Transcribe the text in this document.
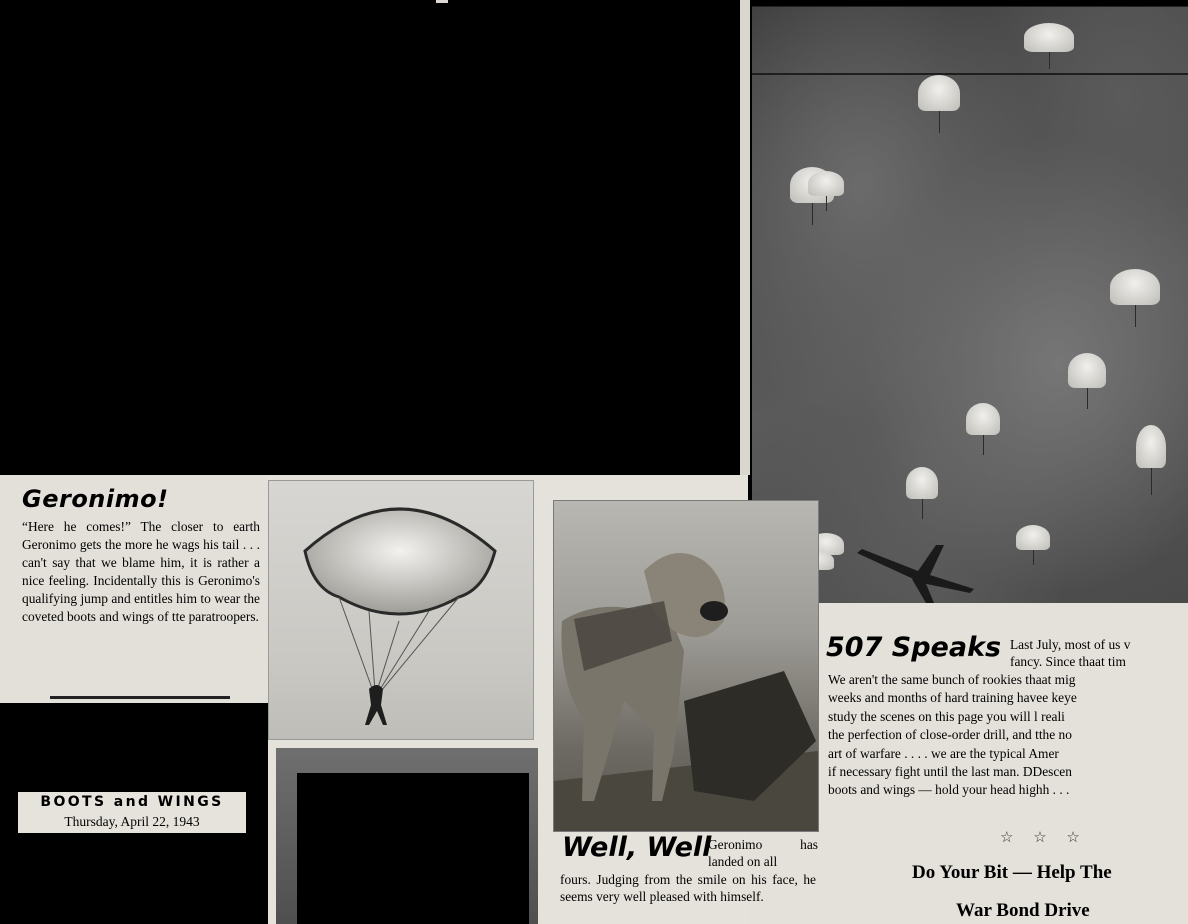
Geronimo!

“Here he comes!” The closer to earth Geronimo gets the more he wags his tail . . . can't say that we blame him, it is rather a nice feeling. Incidentally this is Geronimo's qualifying jump and entitles him to wear the coveted boots and wings of tte paratroopers.

BOOTS and WINGS
Thursday, April 22, 1943
Well, Well

Geronimo has landed on all

fours. Judging from the smile on his face, he seems very well pleased with himself.

507 Speaks Last July, most of us v
fancy. Since thaat tim
We aren't the same bunch of rookies thaat mig
weeks and months of hard training havee keye
study the scenes on this page you will l reali
the perfection of close-order drill, and tthe no
art of warfare . . . . we are the typical Amer
if necessary fight until the last man. DDescen
boots and wings — hold your head highh . . .
☆ ☆ ☆
Do Your Bit — Help The
War Bond Drive
